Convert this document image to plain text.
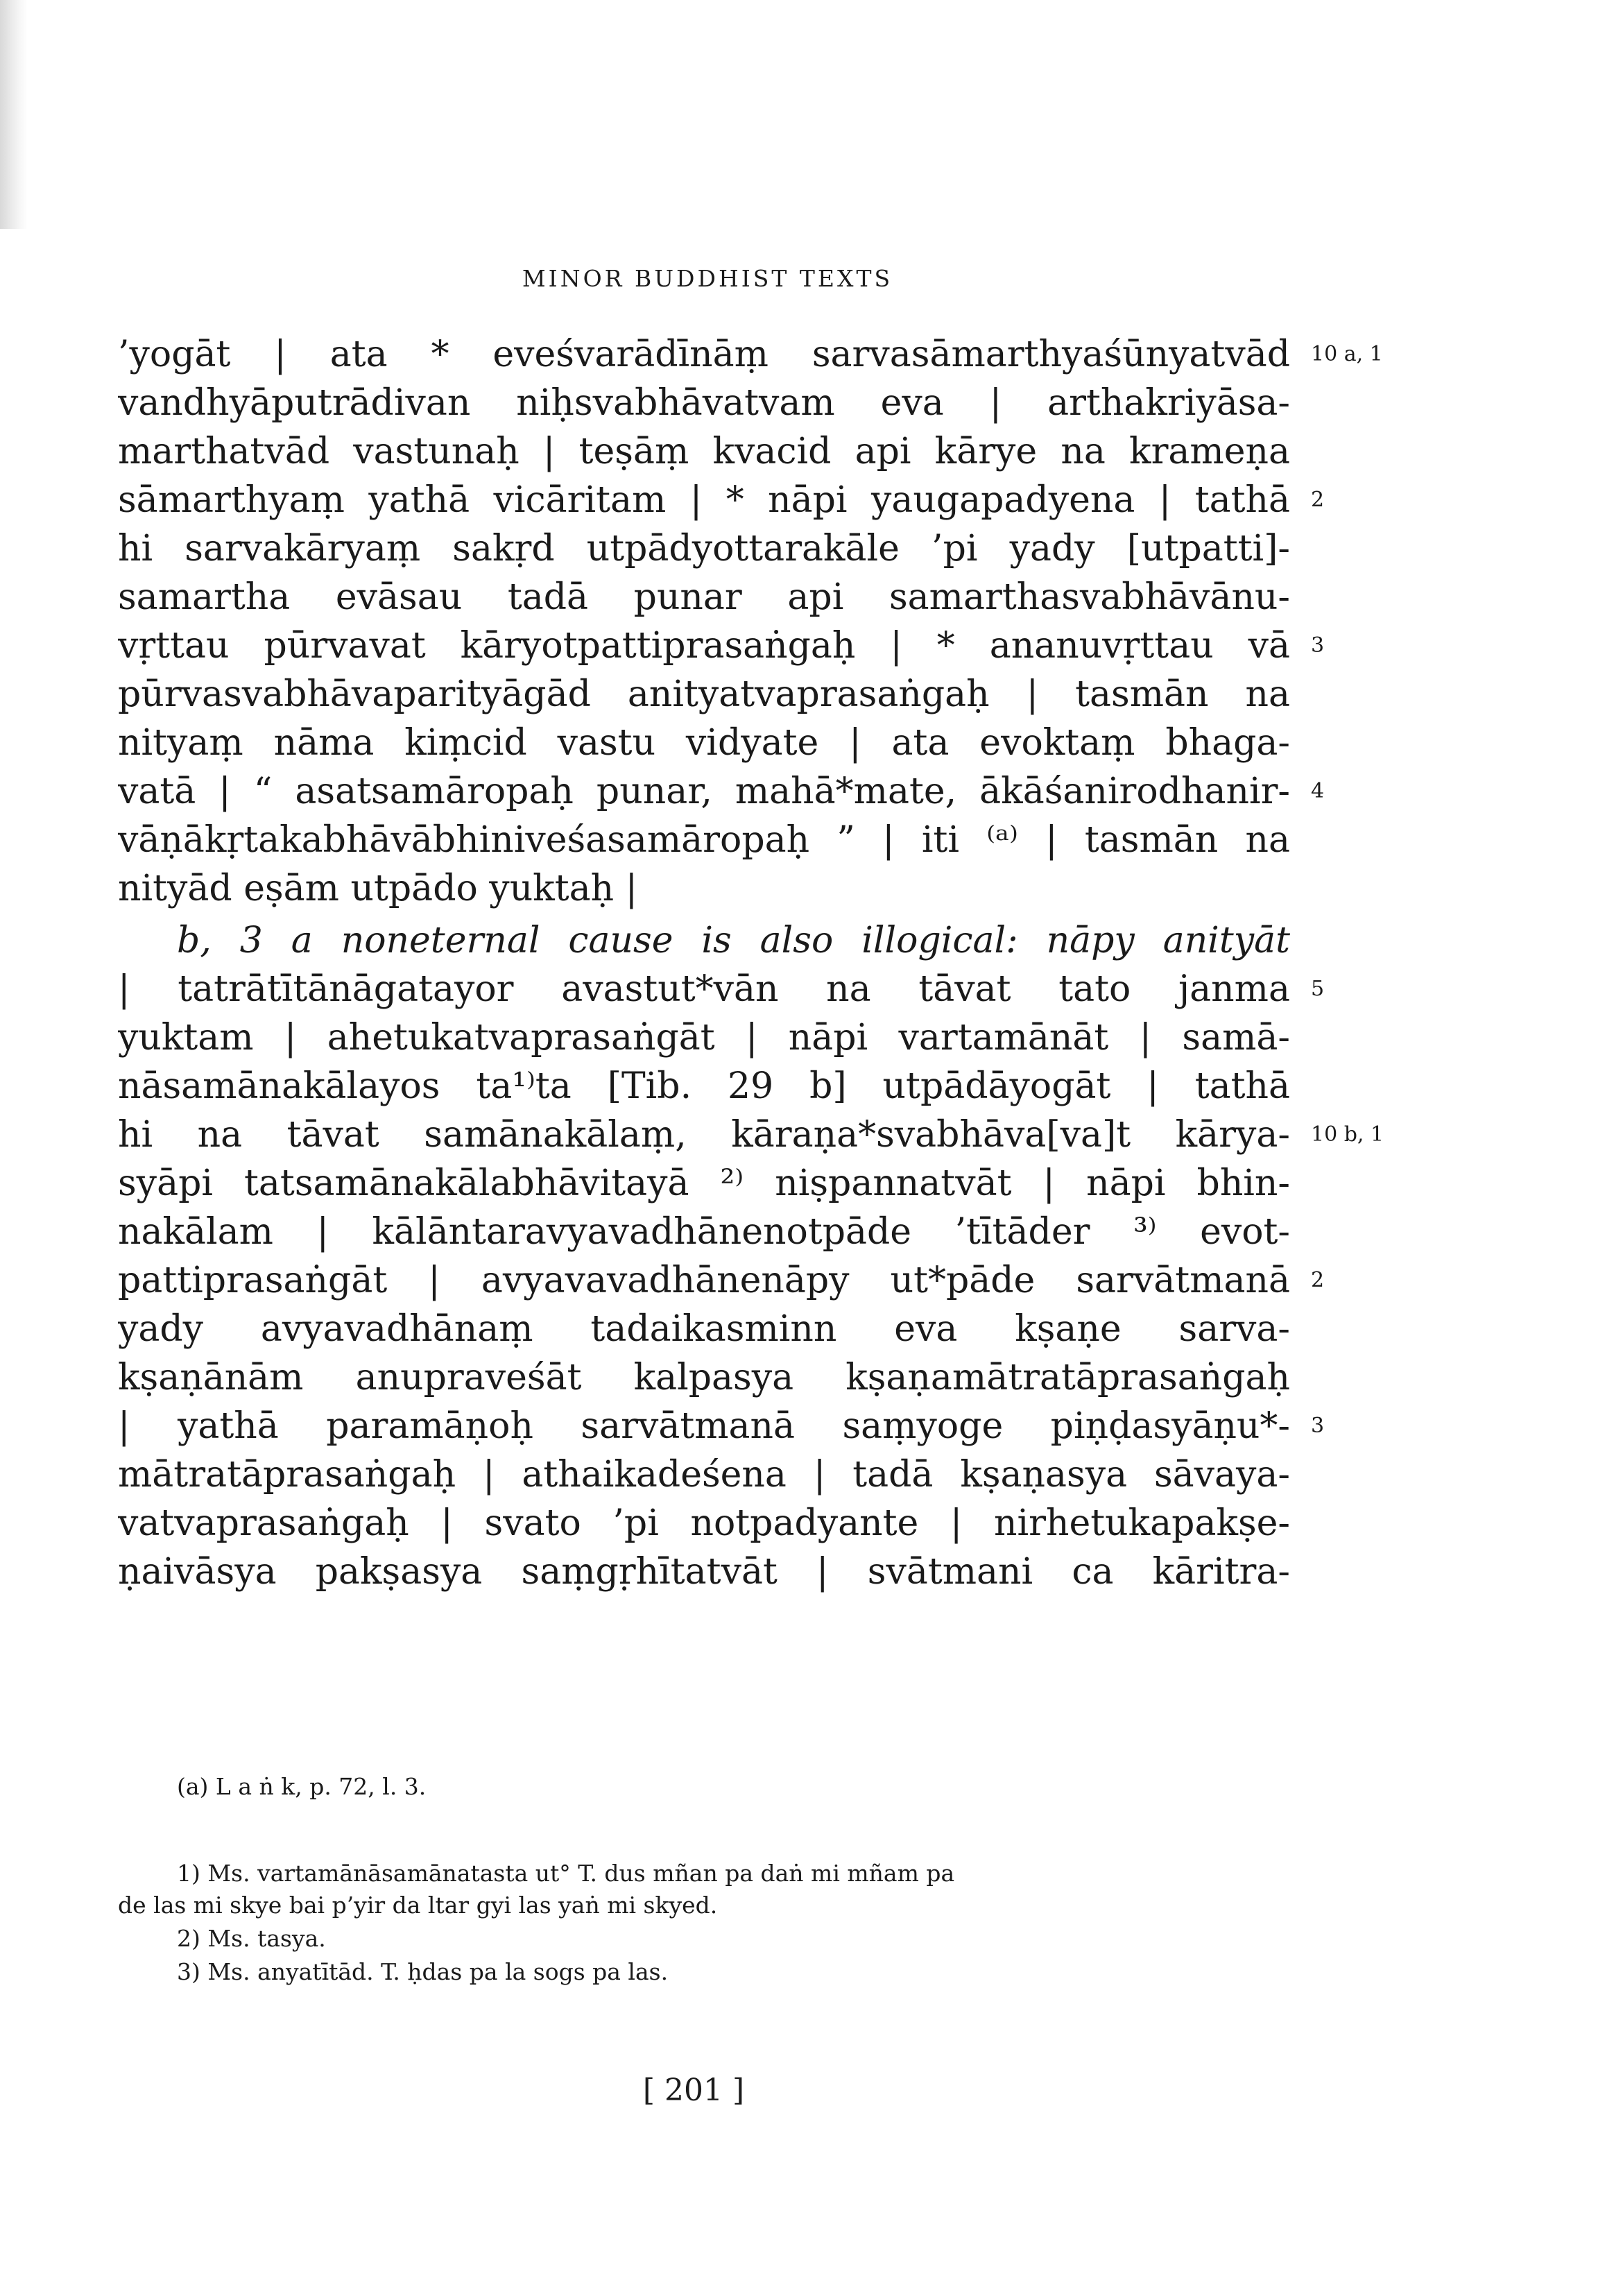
MINOR BUDDHIST TEXTS
’yogāt | ata * eveśvarādīnāṃ sarvasāmarthyaśūnyatvād
vandhyāputrādivan niḥsvabhāvatvam eva | arthakriyāsa-
marthatvād vastunaḥ | teṣāṃ kvacid api kārye na krameṇa
sāmarthyaṃ yathā vicāritam | * nāpi yaugapadyena | tathā
hi sarvakāryaṃ sakṛd utpādyottarakāle ’pi yady [utpatti]-
samartha evāsau tadā punar api samarthasvabhāvānu-
vṛttau pūrvavat kāryotpattiprasaṅgaḥ | * ananuvṛttau vā
pūrvasvabhāvaparityāgād anityatvaprasaṅgaḥ | tasmān na
nityaṃ nāma kiṃcid vastu vidyate | ata evoktaṃ bhaga-
vatā | “ asatsamāropaḥ punar, mahā*mate, ākāśanirodhanir-
vāṇākṛtakabhāvābhiniveśasamāropaḥ ” | iti ⁽ᵃ⁾ | tasmān na
nityād eṣām utpādo yuktaḥ |
b, 3 a nonеternal cause is also illogical: nāpy anityāt
| tatrātītānāgatayor avastut*vān na tāvat tato janma
yuktam | ahetukatvaprasaṅgāt | nāpi vartamānāt | samā-
nāsamānakālayos ta¹⁾ta [Tib. 29 b] utpādāyogāt | tathā
hi na tāvat samānakālaṃ, kāraṇa*svabhāva[va]t kārya-
syāpi tatsamānakālabhāvitayā ²⁾ niṣpannatvāt | nāpi bhin-
nakālam | kālāntaravyavadhānenotpāde ’tītāder ³⁾ evot-
pattiprasaṅgāt | avyavavadhānenāpy ut*pāde sarvātmanā
yady avyavadhānaṃ tadaikasminn eva kṣaṇe sarva-
kṣaṇānām anupraveśāt kalpasya kṣaṇamātratāprasaṅgaḥ
| yathā paramāṇoḥ sarvātmanā saṃyoge piṇḍasyāṇu*-
mātratāprasaṅgaḥ | athaikadeśena | tadā kṣaṇasya sāvaya-
vatvaprasaṅgaḥ | svato ’pi notpadyante | nirhetukapakṣe-
ṇaivāsya pakṣasya saṃgṛhītatvāt | svātmani ca kāritra-
10 a, 1
2
3
4
5
10 b, 1
2
3
(a) L a ṅ k, p. 72, l. 3.
1) Ms. vartamānāsamānatasta ut° T. dus mñan pa daṅ mi mñam pa
de las mi skye bai p’yir da ltar gyi las yaṅ mi skyed.
2) Ms. tasya.
3) Ms. anyatītād. T. ḥdas pa la sogs pa las.
[ 201 ]
